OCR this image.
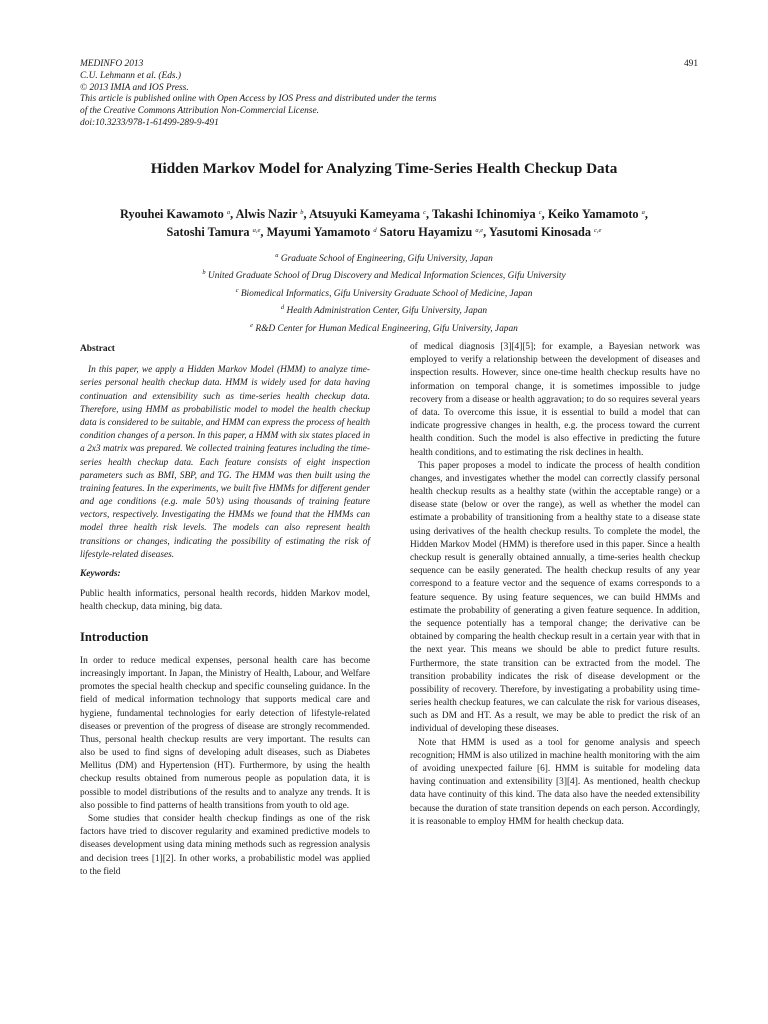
MEDINFO 2013
C.U. Lehmann et al. (Eds.)
© 2013 IMIA and IOS Press.
This article is published online with Open Access by IOS Press and distributed under the terms
of the Creative Commons Attribution Non-Commercial License.
doi:10.3233/978-1-61499-289-9-491
491
Hidden Markov Model for Analyzing Time-Series Health Checkup Data
Ryouhei Kawamoto $^a$, Alwis Nazir $^b$, Atsuyuki Kameyama $^c$, Takashi Ichinomiya $^c$, Keiko Yamamoto $^a$,
Satoshi Tamura $^{a,e}$, Mayumi Yamamoto $^d$ Satoru Hayamizu $^{a,e}$, Yasutomi Kinosada $^{c,e}$
$^a$ Graduate School of Engineering, Gifu University, Japan
$^b$ United Graduate School of Drug Discovery and Medical Information Sciences, Gifu University
$^c$ Biomedical Informatics, Gifu University Graduate School of Medicine, Japan
$^d$ Health Administration Center, Gifu University, Japan
$^e$ R&D Center for Human Medical Engineering, Gifu University, Japan
Abstract

In this paper, we apply a Hidden Markov Model (HMM) to analyze time-series personal health checkup data. HMM is widely used for data having continuation and extensibility such as time-series health checkup data. Therefore, using HMM as probabilistic model to model the health checkup data is considered to be suitable, and HMM can express the process of health condition changes of a person. In this paper, a HMM with six states placed in a 2x3 matrix was prepared. We collected training features including the time-series health checkup data. Each feature consists of eight inspection parameters such as BMI, SBP, and TG. The HMM was then built using the training features. In the experiments, we built five HMMs for different gender and age conditions (e.g. male 50’s) using thousands of training feature vectors, respectively. Investigating the HMMs we found that the HMMs can model three health risk levels. The models can also represent health transitions or changes, indicating the possibility of estimating the risk of lifestyle-related diseases.

Keywords:

Public health informatics, personal health records, hidden Markov model, health checkup, data mining, big data.

Introduction

In order to reduce medical expenses, personal health care has become increasingly important. In Japan, the Ministry of Health, Labour, and Welfare promotes the special health checkup and specific counseling guidance. In the field of medical information technology that supports medical care and hygiene, fundamental technologies for early detection of lifestyle-related diseases or prevention of the progress of disease are strongly recommended. Thus, personal health checkup results are very important. The results can also be used to find signs of developing adult diseases, such as Diabetes Mellitus (DM) and Hypertension (HT). Furthermore, by using the health checkup results obtained from numerous people as population data, it is possible to model distributions of the results and to analyze any trends. It is also possible to find patterns of health transitions from youth to old age.

Some studies that consider health checkup findings as one of the risk factors have tried to discover regularity and examined predictive models to diseases development using data mining methods such as regression analysis and decision trees [1][2]. In other works, a probabilistic model was applied to the field

of medical diagnosis [3][4][5]; for example, a Bayesian network was employed to verify a relationship between the development of diseases and inspection results. However, since one-time health checkup results have no information on temporal change, it is sometimes impossible to judge recovery from a disease or health aggravation; to do so requires several years of data. To overcome this issue, it is essential to build a model that can indicate progressive changes in health, e.g. the process toward the current health condition. Such the model is also effective in predicting the future health conditions, and to estimating the risk declines in health.

This paper proposes a model to indicate the process of health condition changes, and investigates whether the model can correctly classify personal health checkup results as a healthy state (within the acceptable range) or a disease state (below or over the range), as well as whether the model can estimate a probability of transitioning from a healthy state to a disease state using derivatives of the health checkup results. To complete the model, the Hidden Markov Model (HMM) is therefore used in this paper. Since a health checkup result is generally obtained annually, a time-series health checkup sequence can be easily generated. The health checkup results of any year correspond to a feature vector and the sequence of exams corresponds to a feature sequence. By using feature sequences, we can build HMMs and estimate the probability of generating a given feature sequence. In addition, the sequence potentially has a temporal change; the derivative can be obtained by comparing the health checkup result in a certain year with that in the next year. This means we should be able to predict future results. Furthermore, the state transition can be extracted from the model. The transition probability indicates the risk of disease development or the possibility of recovery. Therefore, by investigating a probability using time-series health checkup features, we can calculate the risk for various diseases, such as DM and HT. As a result, we may be able to predict the risk of an individual of developing these diseases.

Note that HMM is used as a tool for genome analysis and speech recognition; HMM is also utilized in machine health monitoring with the aim of avoiding unexpected failure [6]. HMM is suitable for modeling data having continuation and extensibility [3][4]. As mentioned, health checkup data have continuity of this kind. The data also have the needed extensibility because the duration of state transition depends on each person. Accordingly, it is reasonable to employ HMM for health checkup data.
